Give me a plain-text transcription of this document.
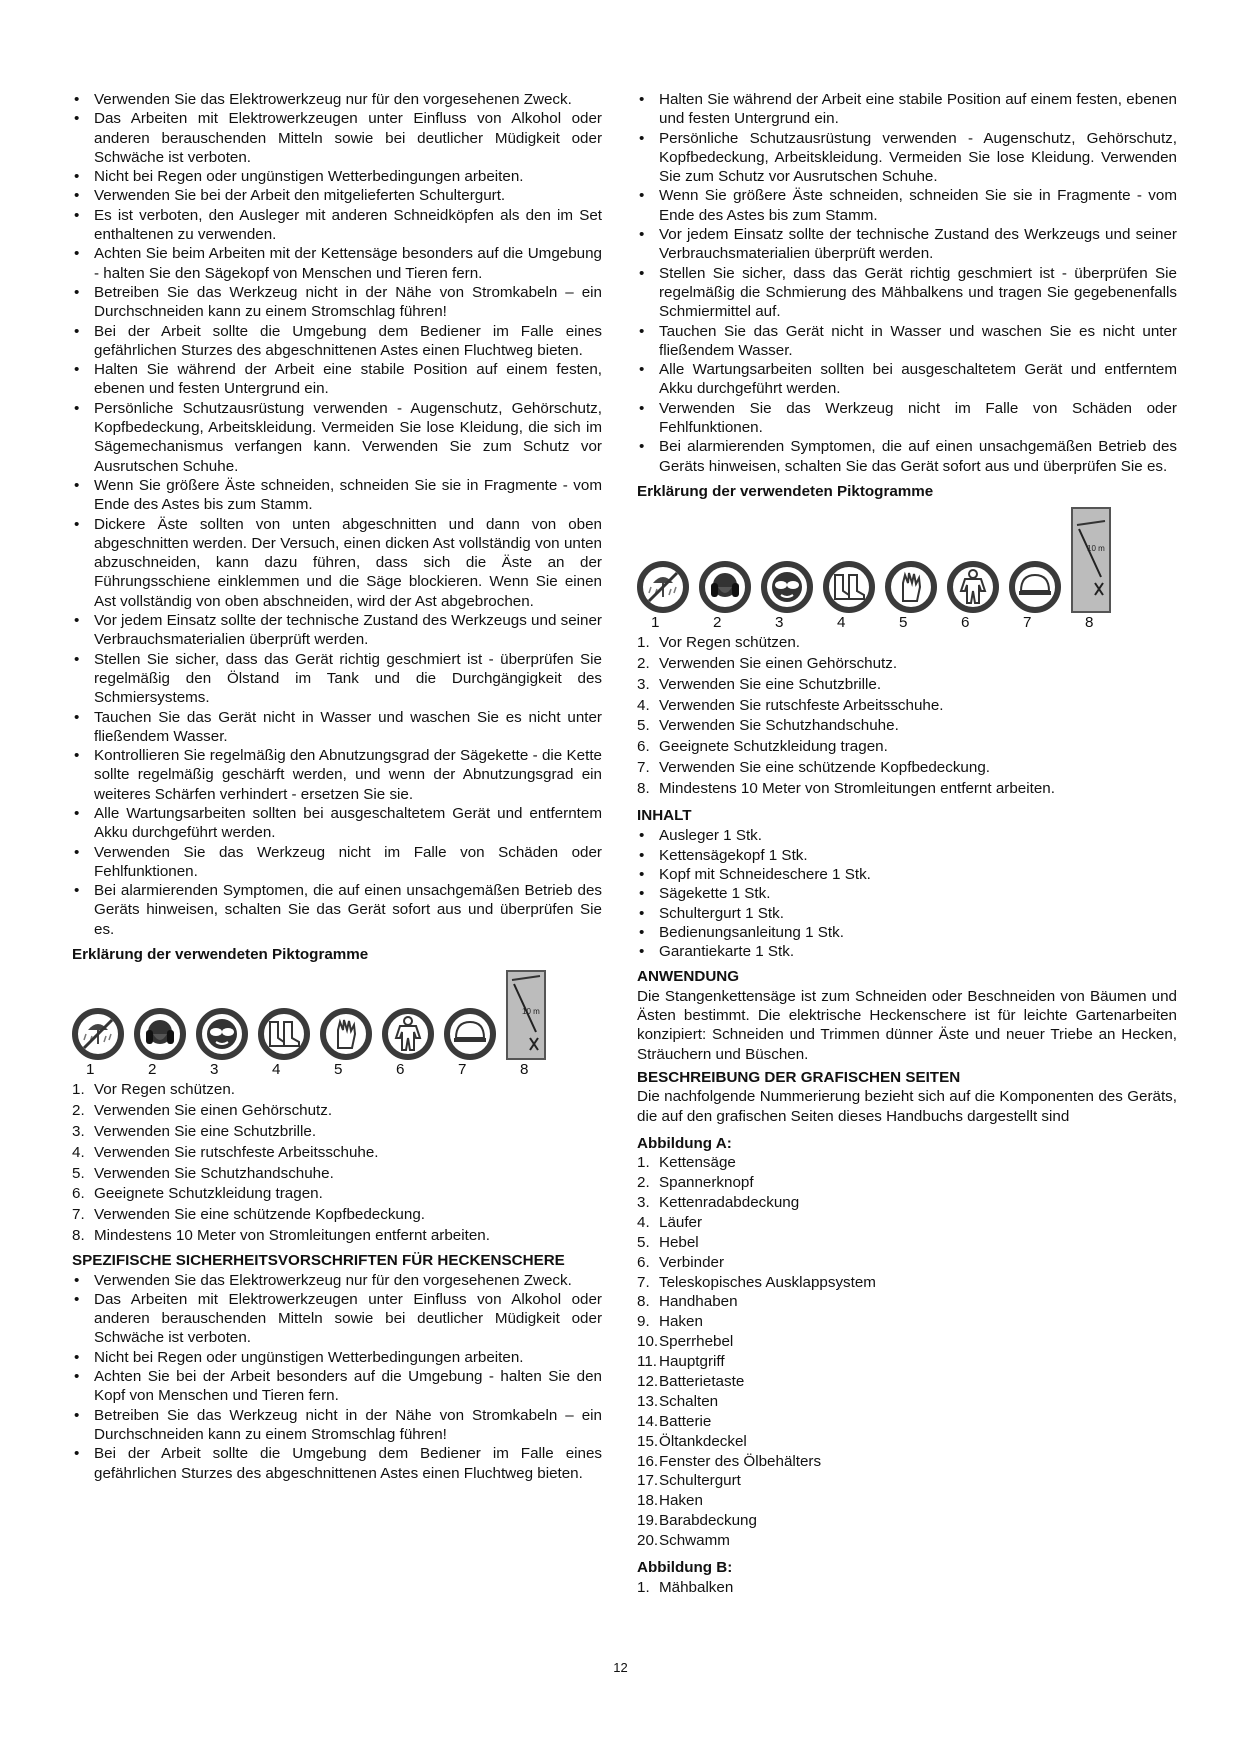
• Verwenden Sie das Elektrowerkzeug nur für den vorgesehenen Zweck.
• Das Arbeiten mit Elektrowerkzeugen unter Einfluss von Alkohol oder anderen berauschenden Mitteln sowie bei deutlicher Müdigkeit oder Schwäche ist verboten.
• Nicht bei Regen oder ungünstigen Wetterbedingungen arbeiten.
• Verwenden Sie bei der Arbeit den mitgelieferten Schultergurt.
• Es ist verboten, den Ausleger mit anderen Schneidköpfen als den im Set enthaltenen zu verwenden.
• Achten Sie beim Arbeiten mit der Kettensäge besonders auf die Umgebung - halten Sie den Sägekopf von Menschen und Tieren fern.
• Betreiben Sie das Werkzeug nicht in der Nähe von Stromkabeln – ein Durchschneiden kann zu einem Stromschlag führen!
• Bei der Arbeit sollte die Umgebung dem Bediener im Falle eines gefährlichen Sturzes des abgeschnittenen Astes einen Fluchtweg bieten.
• Halten Sie während der Arbeit eine stabile Position auf einem festen, ebenen und festen Untergrund ein.
• Persönliche Schutzausrüstung verwenden - Augenschutz, Gehörschutz, Kopfbedeckung, Arbeitskleidung. Vermeiden Sie lose Kleidung, die sich im Sägemechanismus verfangen kann. Verwenden Sie zum Schutz vor Ausrutschen Schuhe.
• Wenn Sie größere Äste schneiden, schneiden Sie sie in Fragmente - vom Ende des Astes bis zum Stamm.
• Dickere Äste sollten von unten abgeschnitten und dann von oben abgeschnitten werden. Der Versuch, einen dicken Ast vollständig von unten abzuschneiden, kann dazu führen, dass sich die Äste an der Führungsschiene einklemmen und die Säge blockieren. Wenn Sie einen Ast vollständig von oben abschneiden, wird der Ast abgebrochen.
• Vor jedem Einsatz sollte der technische Zustand des Werkzeugs und seiner Verbrauchsmaterialien überprüft werden.
• Stellen Sie sicher, dass das Gerät richtig geschmiert ist - überprüfen Sie regelmäßig den Ölstand im Tank und die Durchgängigkeit des Schmiersystems.
• Tauchen Sie das Gerät nicht in Wasser und waschen Sie es nicht unter fließendem Wasser.
• Kontrollieren Sie regelmäßig den Abnutzungsgrad der Sägekette - die Kette sollte regelmäßig geschärft werden, und wenn der Abnutzungsgrad ein weiteres Schärfen verhindert - ersetzen Sie sie.
• Alle Wartungsarbeiten sollten bei ausgeschaltetem Gerät und entferntem Akku durchgeführt werden.
• Verwenden Sie das Werkzeug nicht im Falle von Schäden oder Fehlfunktionen.
• Bei alarmierenden Symptomen, die auf einen unsachgemäßen Betrieb des Geräts hinweisen, schalten Sie das Gerät sofort aus und überprüfen Sie es.
Erklärung der verwendeten Piktogramme
10 m
1	2	3	4	5	6	7	8
1. Vor Regen schützen.
2. Verwenden Sie einen Gehörschutz.
3. Verwenden Sie eine Schutzbrille.
4. Verwenden Sie rutschfeste Arbeitsschuhe.
5. Verwenden Sie Schutzhandschuhe.
6. Geeignete Schutzkleidung tragen.
7. Verwenden Sie eine schützende Kopfbedeckung.
8. Mindestens 10 Meter von Stromleitungen entfernt arbeiten.
SPEZIFISCHE SICHERHEITSVORSCHRIFTEN FÜR HECKENSCHERE
• Verwenden Sie das Elektrowerkzeug nur für den vorgesehenen Zweck.
• Das Arbeiten mit Elektrowerkzeugen unter Einfluss von Alkohol oder anderen berauschenden Mitteln sowie bei deutlicher Müdigkeit oder Schwäche ist verboten.
• Nicht bei Regen oder ungünstigen Wetterbedingungen arbeiten.
• Achten Sie bei der Arbeit besonders auf die Umgebung - halten Sie den Kopf von Menschen und Tieren fern.
• Betreiben Sie das Werkzeug nicht in der Nähe von Stromkabeln – ein Durchschneiden kann zu einem Stromschlag führen!
• Bei der Arbeit sollte die Umgebung dem Bediener im Falle eines gefährlichen Sturzes des abgeschnittenen Astes einen Fluchtweg bieten.
• Halten Sie während der Arbeit eine stabile Position auf einem festen, ebenen und festen Untergrund ein.
• Persönliche Schutzausrüstung verwenden - Augenschutz, Gehörschutz, Kopfbedeckung, Arbeitskleidung. Vermeiden Sie lose Kleidung. Verwenden Sie zum Schutz vor Ausrutschen Schuhe.
• Wenn Sie größere Äste schneiden, schneiden Sie sie in Fragmente - vom Ende des Astes bis zum Stamm.
• Vor jedem Einsatz sollte der technische Zustand des Werkzeugs und seiner Verbrauchsmaterialien überprüft werden.
• Stellen Sie sicher, dass das Gerät richtig geschmiert ist - überprüfen Sie regelmäßig die Schmierung des Mähbalkens und tragen Sie gegebenenfalls Schmiermittel auf.
• Tauchen Sie das Gerät nicht in Wasser und waschen Sie es nicht unter fließendem Wasser.
• Alle Wartungsarbeiten sollten bei ausgeschaltetem Gerät und entferntem Akku durchgeführt werden.
• Verwenden Sie das Werkzeug nicht im Falle von Schäden oder Fehlfunktionen.
• Bei alarmierenden Symptomen, die auf einen unsachgemäßen Betrieb des Geräts hinweisen, schalten Sie das Gerät sofort aus und überprüfen Sie es.
Erklärung der verwendeten Piktogramme
10 m
1	2	3	4	5	6	7	8
1. Vor Regen schützen.
2. Verwenden Sie einen Gehörschutz.
3. Verwenden Sie eine Schutzbrille.
4. Verwenden Sie rutschfeste Arbeitsschuhe.
5. Verwenden Sie Schutzhandschuhe.
6. Geeignete Schutzkleidung tragen.
7. Verwenden Sie eine schützende Kopfbedeckung.
8. Mindestens 10 Meter von Stromleitungen entfernt arbeiten.
INHALT
• Ausleger 1 Stk.
• Kettensägekopf 1 Stk.
• Kopf mit Schneideschere 1 Stk.
• Sägekette 1 Stk.
• Schultergurt 1 Stk.
• Bedienungsanleitung 1 Stk.
• Garantiekarte 1 Stk.
ANWENDUNG

Die Stangenkettensäge ist zum Schneiden oder Beschneiden von Bäumen und Ästen bestimmt. Die elektrische Heckenschere ist für leichte Gartenarbeiten konzipiert: Schneiden und Trimmen dünner Äste und neuer Triebe an Hecken, Sträuchern und Büschen.

BESCHREIBUNG DER GRAFISCHEN SEITEN

Die nachfolgende Nummerierung bezieht sich auf die Komponenten des Geräts, die auf den grafischen Seiten dieses Handbuchs dargestellt sind

Abbildung A:
1. Kettensäge
2. Spannerknopf
3. Kettenradabdeckung
4. Läufer
5. Hebel
6. Verbinder
7. Teleskopisches Ausklappsystem
8. Handhaben
9. Haken
10. Sperrhebel
11. Hauptgriff
12. Batterietaste
13. Schalten
14. Batterie
15. Öltankdeckel
16. Fenster des Ölbehälters
17. Schultergurt
18. Haken
19. Barabdeckung
20. Schwamm
Abbildung B:
1. Mähbalken
12
